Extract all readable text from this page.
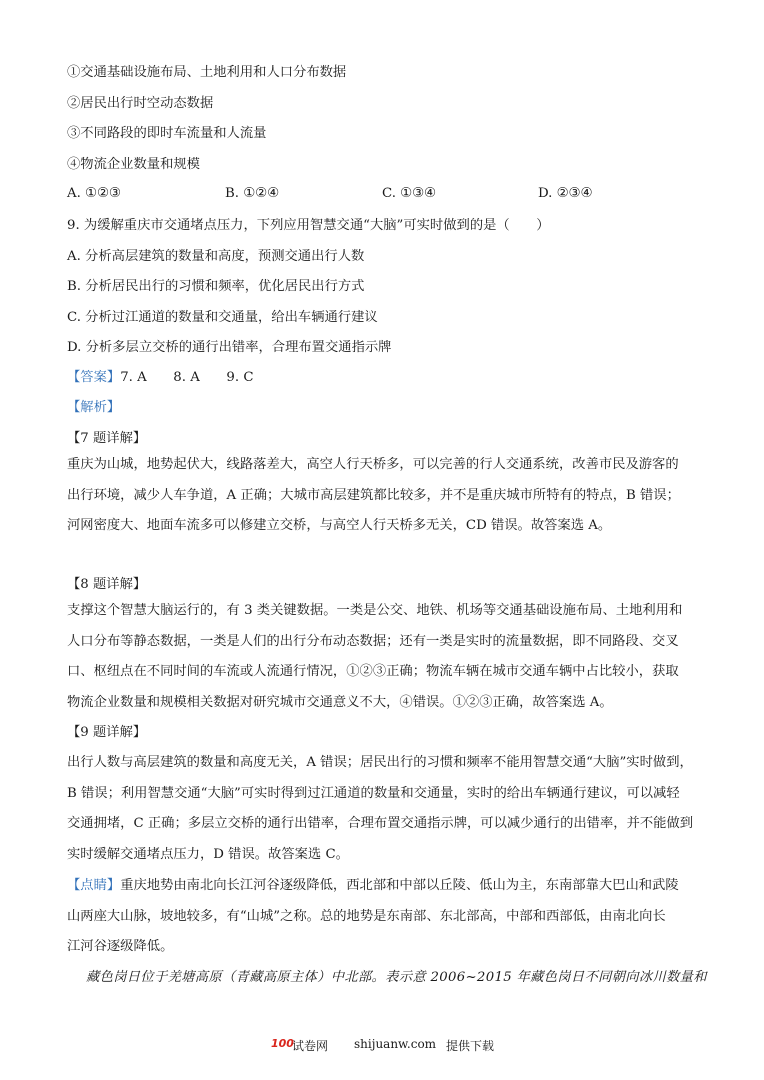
①交通基础设施布局、土地利用和人口分布数据
②居民出行时空动态数据
③不同路段的即时车流量和人流量
④物流企业数量和规模
A. ①②③	B. ①②④	C. ①③④	D. ②③④
9. 为缓解重庆市交通堵点压力，下列应用智慧交通“大脑”可实时做到的是（　　）
A. 分析高层建筑的数量和高度，预测交通出行人数
B. 分析居民出行的习惯和频率，优化居民出行方式
C. 分析过江通道的数量和交通量，给出车辆通行建议
D. 分析多层立交桥的通行出错率，合理布置交通指示牌
【答案】7. A　　8. A　　9. C
【解析】
【7 题详解】
重庆为山城，地势起伏大，线路落差大，高空人行天桥多，可以完善的行人交通系统，改善市民及游客的
出行环境，减少人车争道，A 正确；大城市高层建筑都比较多，并不是重庆城市所特有的特点，B 错误；
河网密度大、地面车流多可以修建立交桥，与高空人行天桥多无关，CD 错误。故答案选 A。
【8 题详解】
支撑这个智慧大脑运行的，有 3 类关键数据。一类是公交、地铁、机场等交通基础设施布局、土地利用和
人口分布等静态数据，一类是人们的出行分布动态数据；还有一类是实时的流量数据，即不同路段、交叉
口、枢纽点在不同时间的车流或人流通行情况，①②③正确；物流车辆在城市交通车辆中占比较小，获取
物流企业数量和规模相关数据对研究城市交通意义不大，④错误。①②③正确，故答案选 A。
【9 题详解】
出行人数与高层建筑的数量和高度无关，A 错误；居民出行的习惯和频率不能用智慧交通“大脑”实时做到，
B 错误；利用智慧交通“大脑”可实时得到过江通道的数量和交通量，实时的给出车辆通行建议，可以减轻
交通拥堵，C 正确；多层立交桥的通行出错率，合理布置交通指示牌，可以减少通行的出错率，并不能做到
实时缓解交通堵点压力，D 错误。故答案选 C。
【点睛】重庆地势由南北向长江河谷逐级降低，西北部和中部以丘陵、低山为主，东南部靠大巴山和武陵
山两座大山脉，坡地较多，有“山城”之称。总的地势是东南部、东北部高，中部和西部低，由南北向长
江河谷逐级降低。
藏色岗日位于羌塘高原（青藏高原主体）中北部。表示意 2006~2015 年藏色岗日不同朝向冰川数量和
100
试卷网 shijuanw.com 提供下载
